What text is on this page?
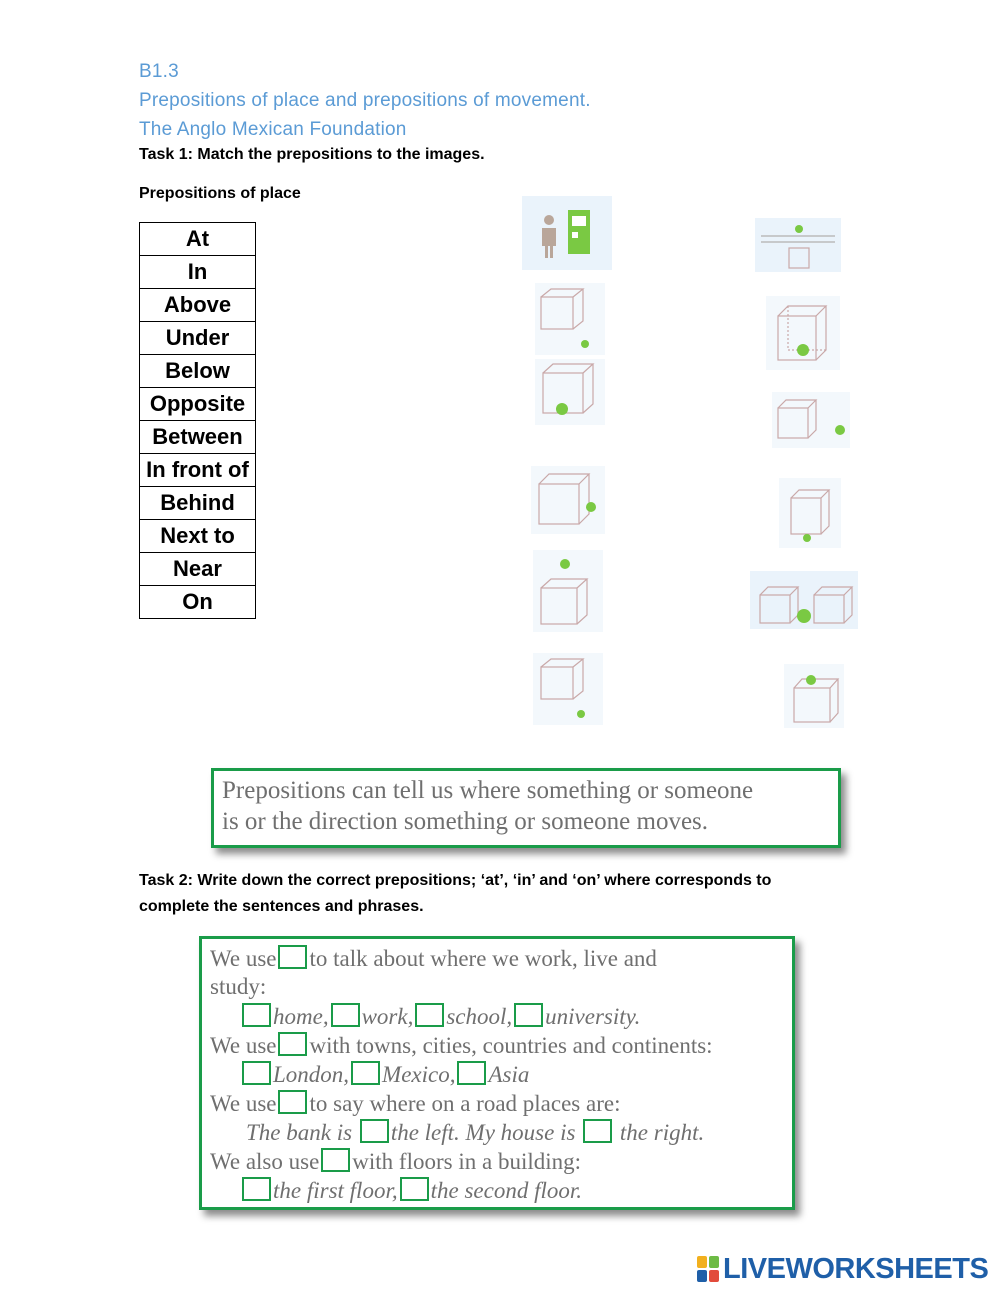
B1.3
Prepositions of place and prepositions of movement.
The Anglo Mexican Foundation
Task 1: Match the prepositions to the images.
Prepositions of place
At
In
Above
Under
Below
Opposite
Between
In front of
Behind
Next to
Near
On
Prepositions can tell us where something or someone
is or the direction something or someone moves.
Task 2: Write down the correct prepositions; ‘at’, ‘in’ and ‘on’ where corresponds to complete the sentences and phrases.
We use to talk about where we work, live and
study:
home, work, school, university.
We use with towns, cities, countries and continents:
London, Mexico, Asia
We use to say where on a road places are:
The bank is the left. My house is the right.
We also use with floors in a building:
the first floor, the second floor.
LIVEWORKSHEETS
